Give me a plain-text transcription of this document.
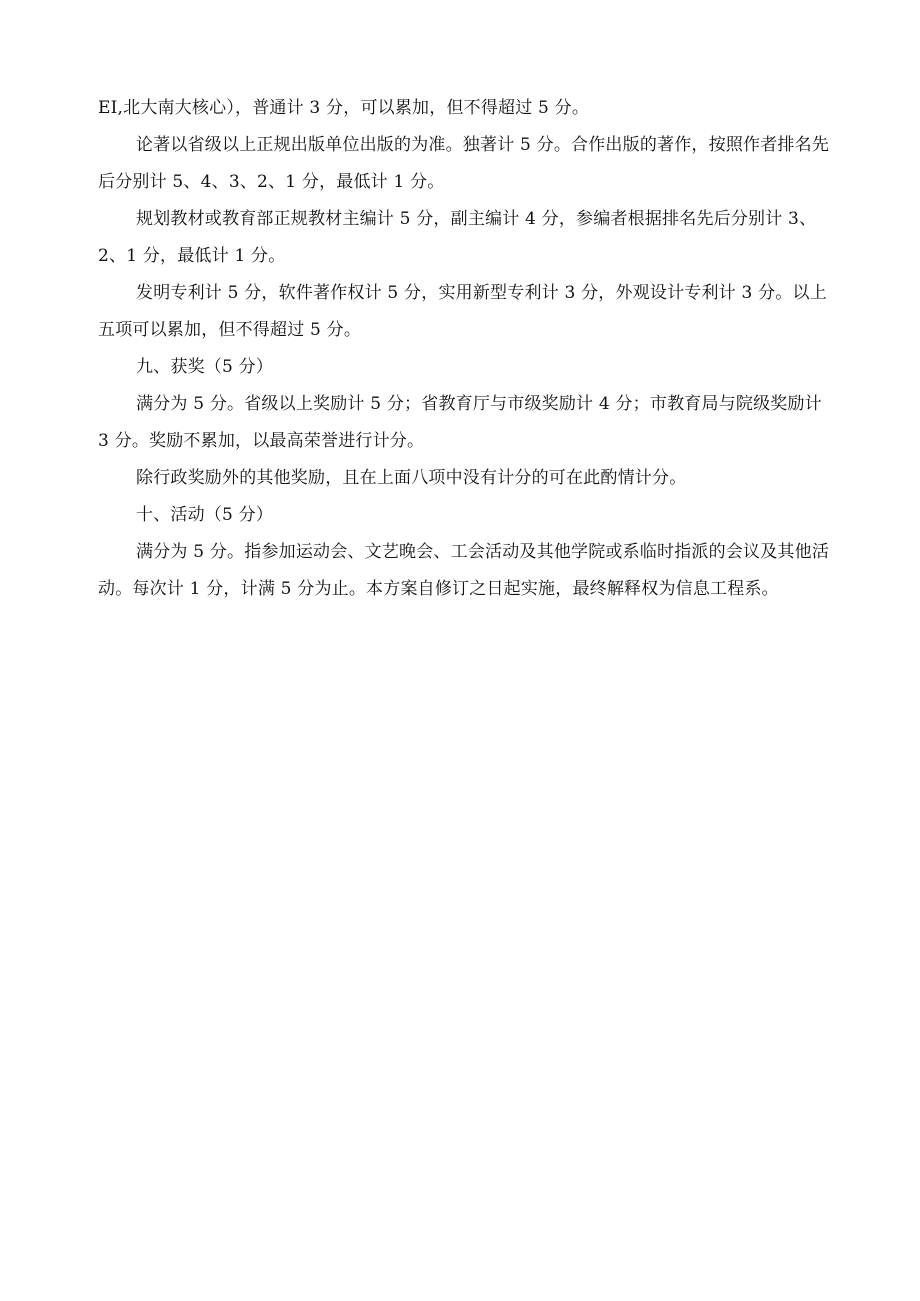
EI,北大南大核心），普通计 3 分，可以累加，但不得超过 5 分。

论著以省级以上正规出版单位出版的为准。独著计 5 分。合作出版的著作，按照作者排名先后分别计 5、4、3、2、1 分，最低计 1 分。

规划教材或教育部正规教材主编计 5 分，副主编计 4 分，参编者根据排名先后分别计 3、2、1 分，最低计 1 分。

发明专利计 5 分，软件著作权计 5 分，实用新型专利计 3 分，外观设计专利计 3 分。以上五项可以累加，但不得超过 5 分。

九、获奖（5 分）

满分为 5 分。省级以上奖励计 5 分；省教育厅与市级奖励计 4 分；市教育局与院级奖励计 3 分。奖励不累加，以最高荣誉进行计分。

除行政奖励外的其他奖励，且在上面八项中没有计分的可在此酌情计分。

十、活动（5 分）

满分为 5 分。指参加运动会、文艺晚会、工会活动及其他学院或系临时指派的会议及其他活动。每次计 1 分，计满 5 分为止。本方案自修订之日起实施，最终解释权为信息工程系。
